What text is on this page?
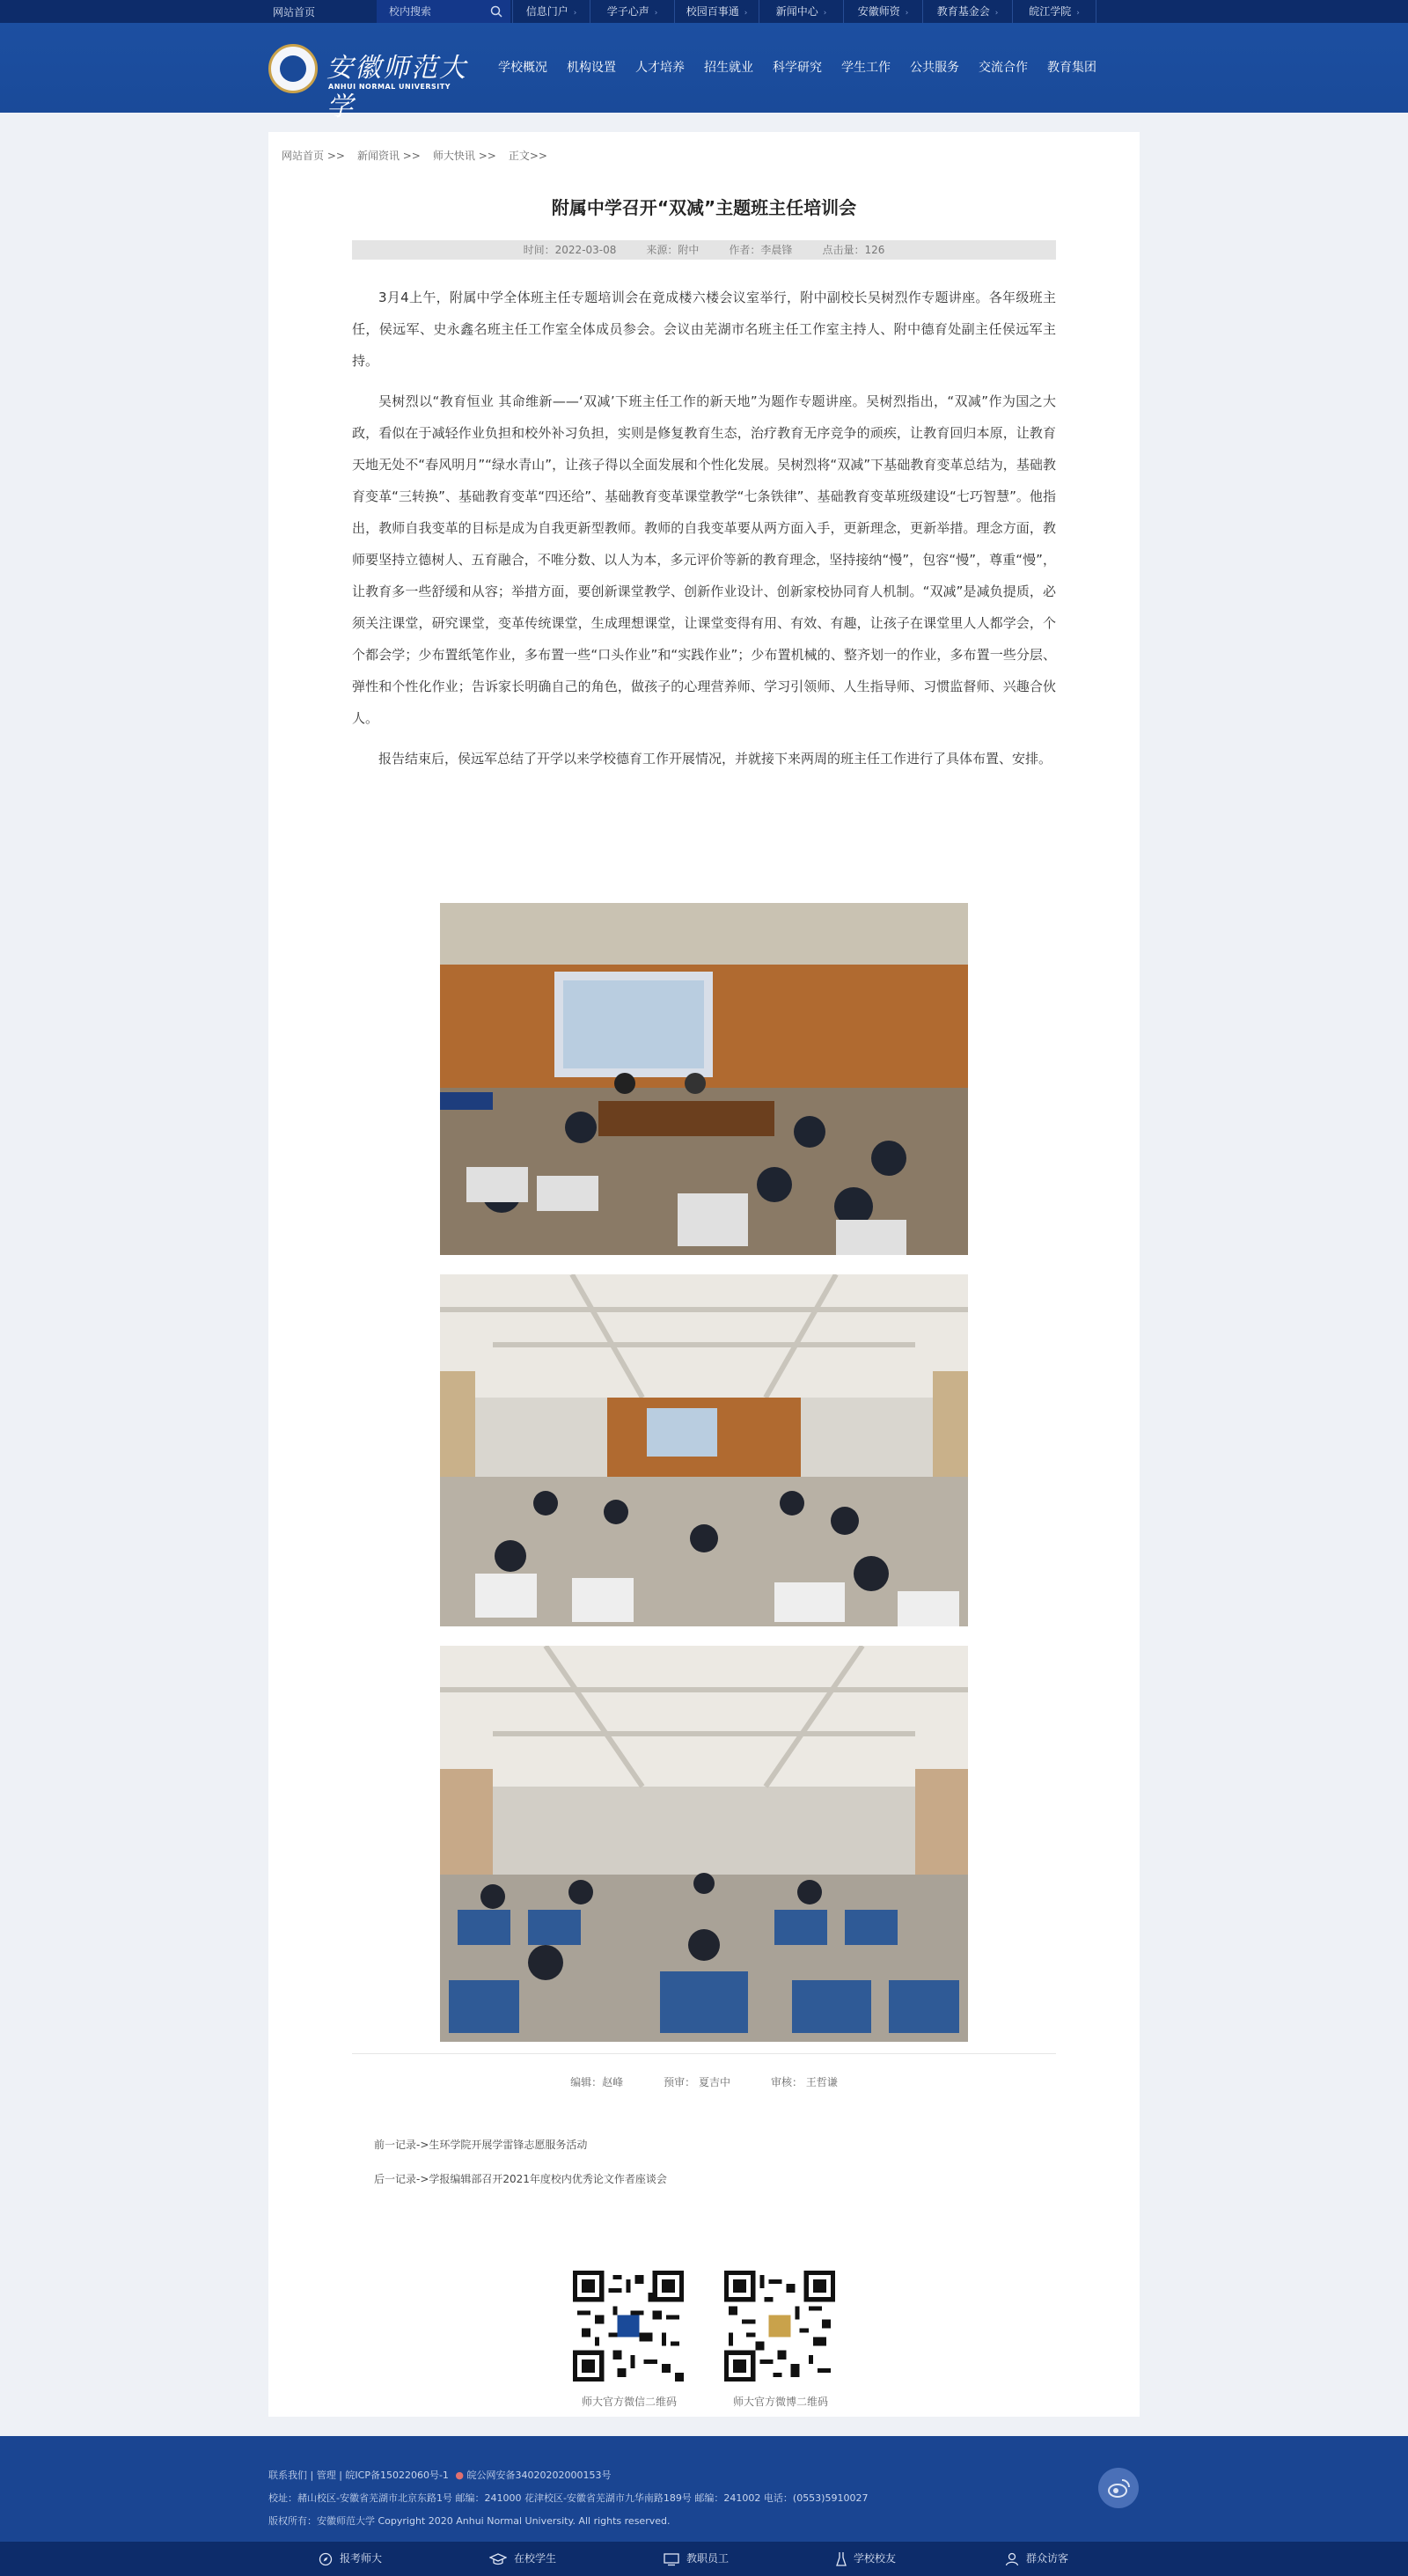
网站首页
校内搜索	信息门户 ›	学子心声 ›	校园百事通 ›	新闻中心 ›	安徽师资 ›	教育基金会 ›	皖江学院 ›
安徽师范大学
ANHUI NORMAL UNIVERSITY
学校概况	机构设置	人才培养	招生就业	科学研究	学生工作	公共服务	交流合作	教育集团
网站首页 >> 新闻资讯 >> 师大快讯 >> 正文>>
附属中学召开“双减”主题班主任培训会
时间：2022-03-08	来源：附中	作者：李晨锋	点击量：126

3月4上午，附属中学全体班主任专题培训会在竟成楼六楼会议室举行，附中副校长吴树烈作专题讲座。各年级班主任，侯远军、史永鑫名班主任工作室全体成员参会。会议由芜湖市名班主任工作室主持人、附中德育处副主任侯远军主持。

吴树烈以“教育恒业 其命维新——‘双减’下班主任工作的新天地”为题作专题讲座。吴树烈指出，“双减”作为国之大政，看似在于减轻作业负担和校外补习负担，实则是修复教育生态，治疗教育无序竞争的顽疾，让教育回归本原，让教育天地无处不“春风明月”“绿水青山”，让孩子得以全面发展和个性化发展。吴树烈将“双减”下基础教育变革总结为，基础教育变革“三转换”、基础教育变革“四还给”、基础教育变革课堂教学“七条铁律”、基础教育变革班级建设“七巧智慧”。他指出，教师自我变革的目标是成为自我更新型教师。教师的自我变革要从两方面入手，更新理念，更新举措。理念方面，教师要坚持立德树人、五育融合，不唯分数、以人为本，多元评价等新的教育理念，坚持接纳“慢”，包容“慢”，尊重“慢”，让教育多一些舒缓和从容；举措方面，要创新课堂教学、创新作业设计、创新家校协同育人机制。“双减”是减负提质，必须关注课堂，研究课堂，变革传统课堂，生成理想课堂，让课堂变得有用、有效、有趣，让孩子在课堂里人人都学会，个个都会学；少布置纸笔作业，多布置一些“口头作业”和“实践作业”；少布置机械的、整齐划一的作业，多布置一些分层、弹性和个性化作业；告诉家长明确自己的角色，做孩子的心理营养师、学习引领师、人生指导师、习惯监督师、兴趣合伙人。

报告结束后，侯远军总结了开学以来学校德育工作开展情况，并就接下来两周的班主任工作进行了具体布置、安排。

编辑：赵峰	预审： 夏吉中	审核： 王哲谦
前一记录->生环学院开展学雷锋志愿服务活动
后一记录->学报编辑部召开2021年度校内优秀论文作者座谈会
师大官方微信二维码	师大官方微博二维码
联系我们 | 管理 | 皖ICP备15022060号-1 ● 皖公网安备34020202000153号
校址：赭山校区-安徽省芜湖市北京东路1号 邮编：241000 花津校区-安徽省芜湖市九华南路189号 邮编：241002 电话：(0553)5910027
版权所有：安徽师范大学 Copyright 2020 Anhui Normal University. All rights reserved.
报考师大	在校学生	教职员工	学校校友	群众访客
